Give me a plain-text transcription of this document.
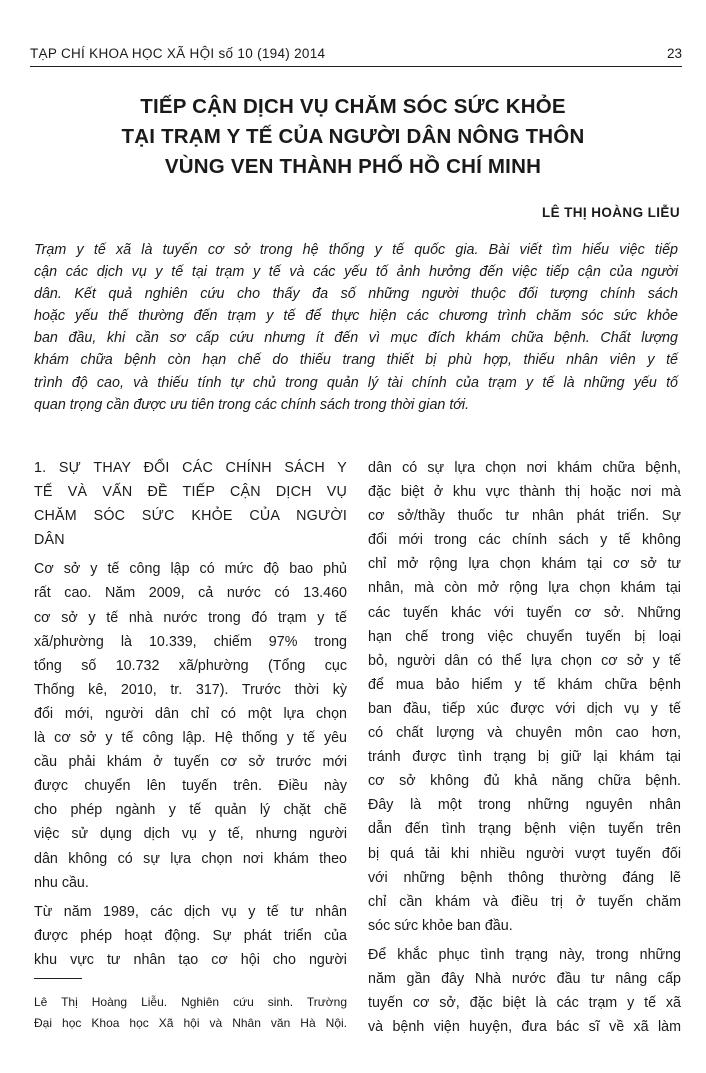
TẠP CHÍ KHOA HỌC XÃ HỘI số 10 (194) 2014	23
TIẾP CẬN DỊCH VỤ CHĂM SÓC SỨC KHỎE
TẠI TRẠM Y TẾ CỦA NGƯỜI DÂN NÔNG THÔN
VÙNG VEN THÀNH PHỐ HỒ CHÍ MINH
LÊ THỊ HOÀNG LIỄU
Trạm y tế xã là tuyến cơ sở trong hệ thống y tế quốc gia. Bài viết tìm hiểu việc tiếp
cận các dịch vụ y tế tại trạm y tế và các yếu tố ảnh hưởng đến việc tiếp cận của người
dân. Kết quả nghiên cứu cho thấy đa số những người thuộc đối tượng chính sách
hoặc yếu thế thường đến trạm y tế để thực hiện các chương trình chăm sóc sức khỏe
ban đầu, khi cần sơ cấp cứu nhưng ít đến vì mục đích khám chữa bệnh. Chất lượng
khám chữa bệnh còn hạn chế do thiếu trang thiết bị phù hợp, thiếu nhân viên y tế
trình độ cao, và thiếu tính tự chủ trong quản lý tài chính của trạm y tế là những yếu tố
quan trọng cần được ưu tiên trong các chính sách trong thời gian tới.
1. SỰ THAY ĐỔI CÁC CHÍNH SÁCH Y
TẾ VÀ VẤN ĐỀ TIẾP CẬN DỊCH VỤ
CHĂM SÓC SỨC KHỎE CỦA NGƯỜI
DÂN
Cơ sở y tế công lập có mức độ bao phủ
rất cao. Năm 2009, cả nước có 13.460
cơ sở y tế nhà nước trong đó trạm y tế
xã/phường là 10.339, chiếm 97% trong
tổng số 10.732 xã/phường (Tổng cục
Thống kê, 2010, tr. 317). Trước thời kỳ
đổi mới, người dân chỉ có một lựa chọn
là cơ sở y tế công lập. Hệ thống y tế yêu
cầu phải khám ở tuyến cơ sở trước mới
được chuyển lên tuyến trên. Điều này
cho phép ngành y tế quản lý chặt chẽ
việc sử dụng dịch vụ y tế, nhưng người
dân không có sự lựa chọn nơi khám theo
nhu cầu.
Từ năm 1989, các dịch vụ y tế tư nhân
được phép hoạt động. Sự phát triển của
khu vực tư nhân tạo cơ hội cho người
Lê Thị Hoàng Liễu. Nghiên cứu sinh. Trường
Đại học Khoa học Xã hội và Nhân văn Hà Nội.
dân có sự lựa chọn nơi khám chữa bệnh,
đặc biệt ở khu vực thành thị hoặc nơi mà
cơ sở/thầy thuốc tư nhân phát triển. Sự
đổi mới trong các chính sách y tế không
chỉ mở rộng lựa chọn khám tại cơ sở tư
nhân, mà còn mở rộng lựa chọn khám tại
các tuyến khác với tuyến cơ sở. Những
hạn chế trong việc chuyển tuyến bị loại
bỏ, người dân có thể lựa chọn cơ sở y tế
để mua bảo hiểm y tế khám chữa bệnh
ban đầu, tiếp xúc được với dịch vụ y tế
có chất lượng và chuyên môn cao hơn,
tránh được tình trạng bị giữ lại khám tại
cơ sở không đủ khả năng chữa bệnh.
Đây là một trong những nguyên nhân
dẫn đến tình trạng bệnh viện tuyến trên
bị quá tải khi nhiều người vượt tuyến đối
với những bệnh thông thường đáng lẽ
chỉ cần khám và điều trị ở tuyến chăm
sóc sức khỏe ban đầu.
Để khắc phục tình trạng này, trong những
năm gần đây Nhà nước đầu tư nâng cấp
tuyến cơ sở, đặc biệt là các trạm y tế xã
và bệnh viện huyện, đưa bác sĩ về xã làm
